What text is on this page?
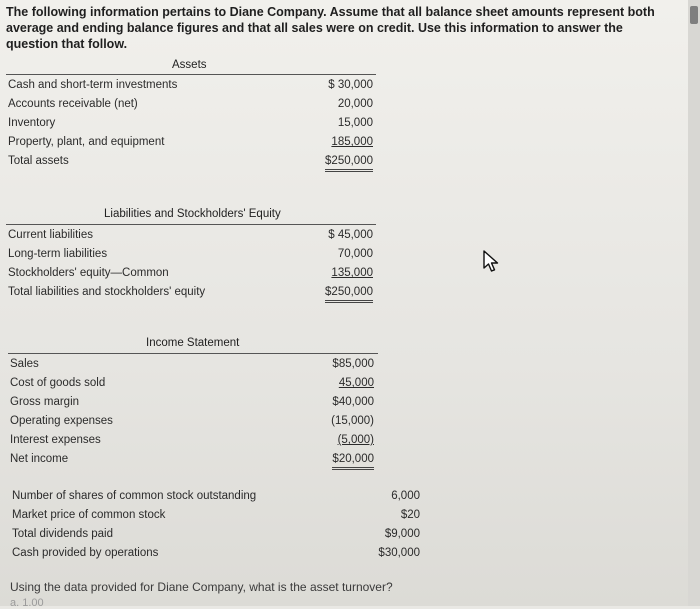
The following information pertains to Diane Company. Assume that all balance sheet amounts represent both average and ending balance figures and that all sales were on credit. Use this information to answer the question that follow.
Assets
Cash and short-term investments	$ 30,000
Accounts receivable (net)	20,000
Inventory	15,000
Property, plant, and equipment	185,000
Total assets	$250,000
Liabilities and Stockholders' Equity
Current liabilities	$ 45,000
Long-term liabilities	70,000
Stockholders' equity—Common	135,000
Total liabilities and stockholders' equity	$250,000
Income Statement
Sales	$85,000
Cost of goods sold	45,000
Gross margin	$40,000
Operating expenses	(15,000)
Interest expenses	(5,000)
Net income	$20,000
Number of shares of common stock outstanding	6,000
Market price of common stock	$20
Total dividends paid	$9,000
Cash provided by operations	$30,000
Using the data provided for Diane Company, what is the asset turnover?
a. 1.00
